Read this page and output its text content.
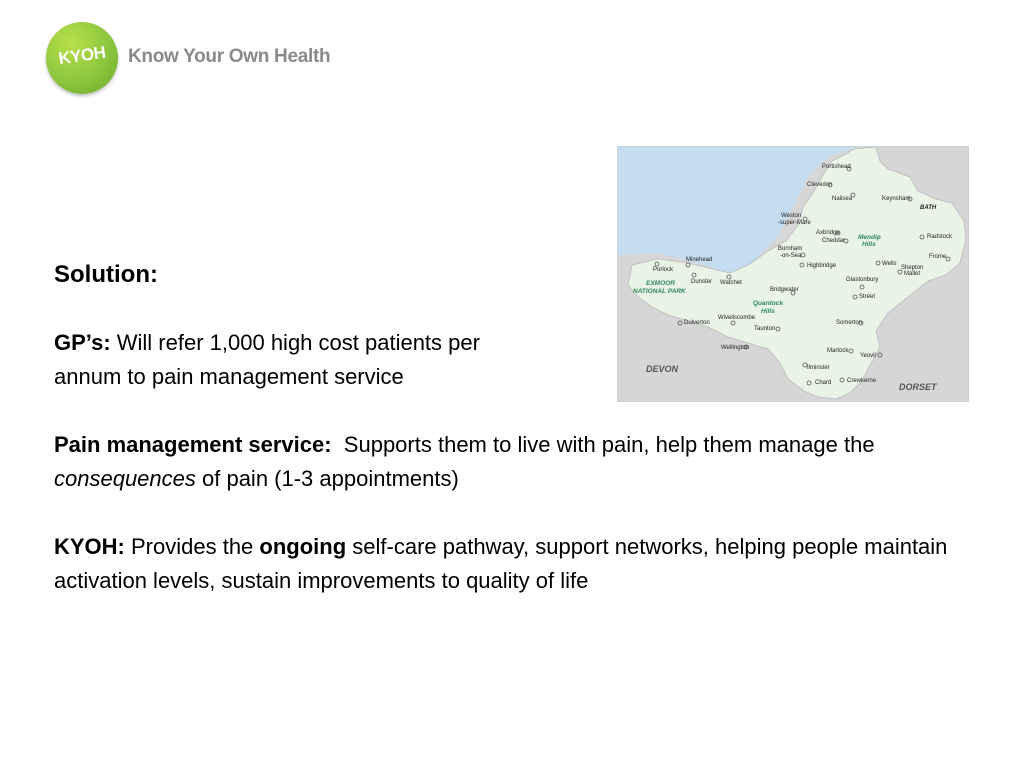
KYOH	Know Your Own Health
Portishead
Clevedon
Nailsea	Keynsham
BATH
Weston
-super-Mare
Axbridge
Cheddar
Radstock
Burnham
-on-Sea
Highbridge	Wells
Shepton
Mallet
Frome
Minehead
Porlock
Dunster Watchet
Bridgwater
Glastonbury
Street
Dulverton
Wiveliscombe
Taunton
Somerton
Wellington	Martock
Yeovil
Ilminster
Chard	Crewkerne
EXMOOR
NATIONAL PARK
Quantock
Hills
Mendip
Hills
DEVON
DORSET
Solution:

GP’s: Will refer 1,000 high cost patients per
annum to pain management service

Pain management service:  Supports them to live with pain, help them manage the consequences of pain (1-3 appointments)

KYOH: Provides the ongoing self-care pathway, support networks, helping people maintain activation levels, sustain improvements to quality of life
